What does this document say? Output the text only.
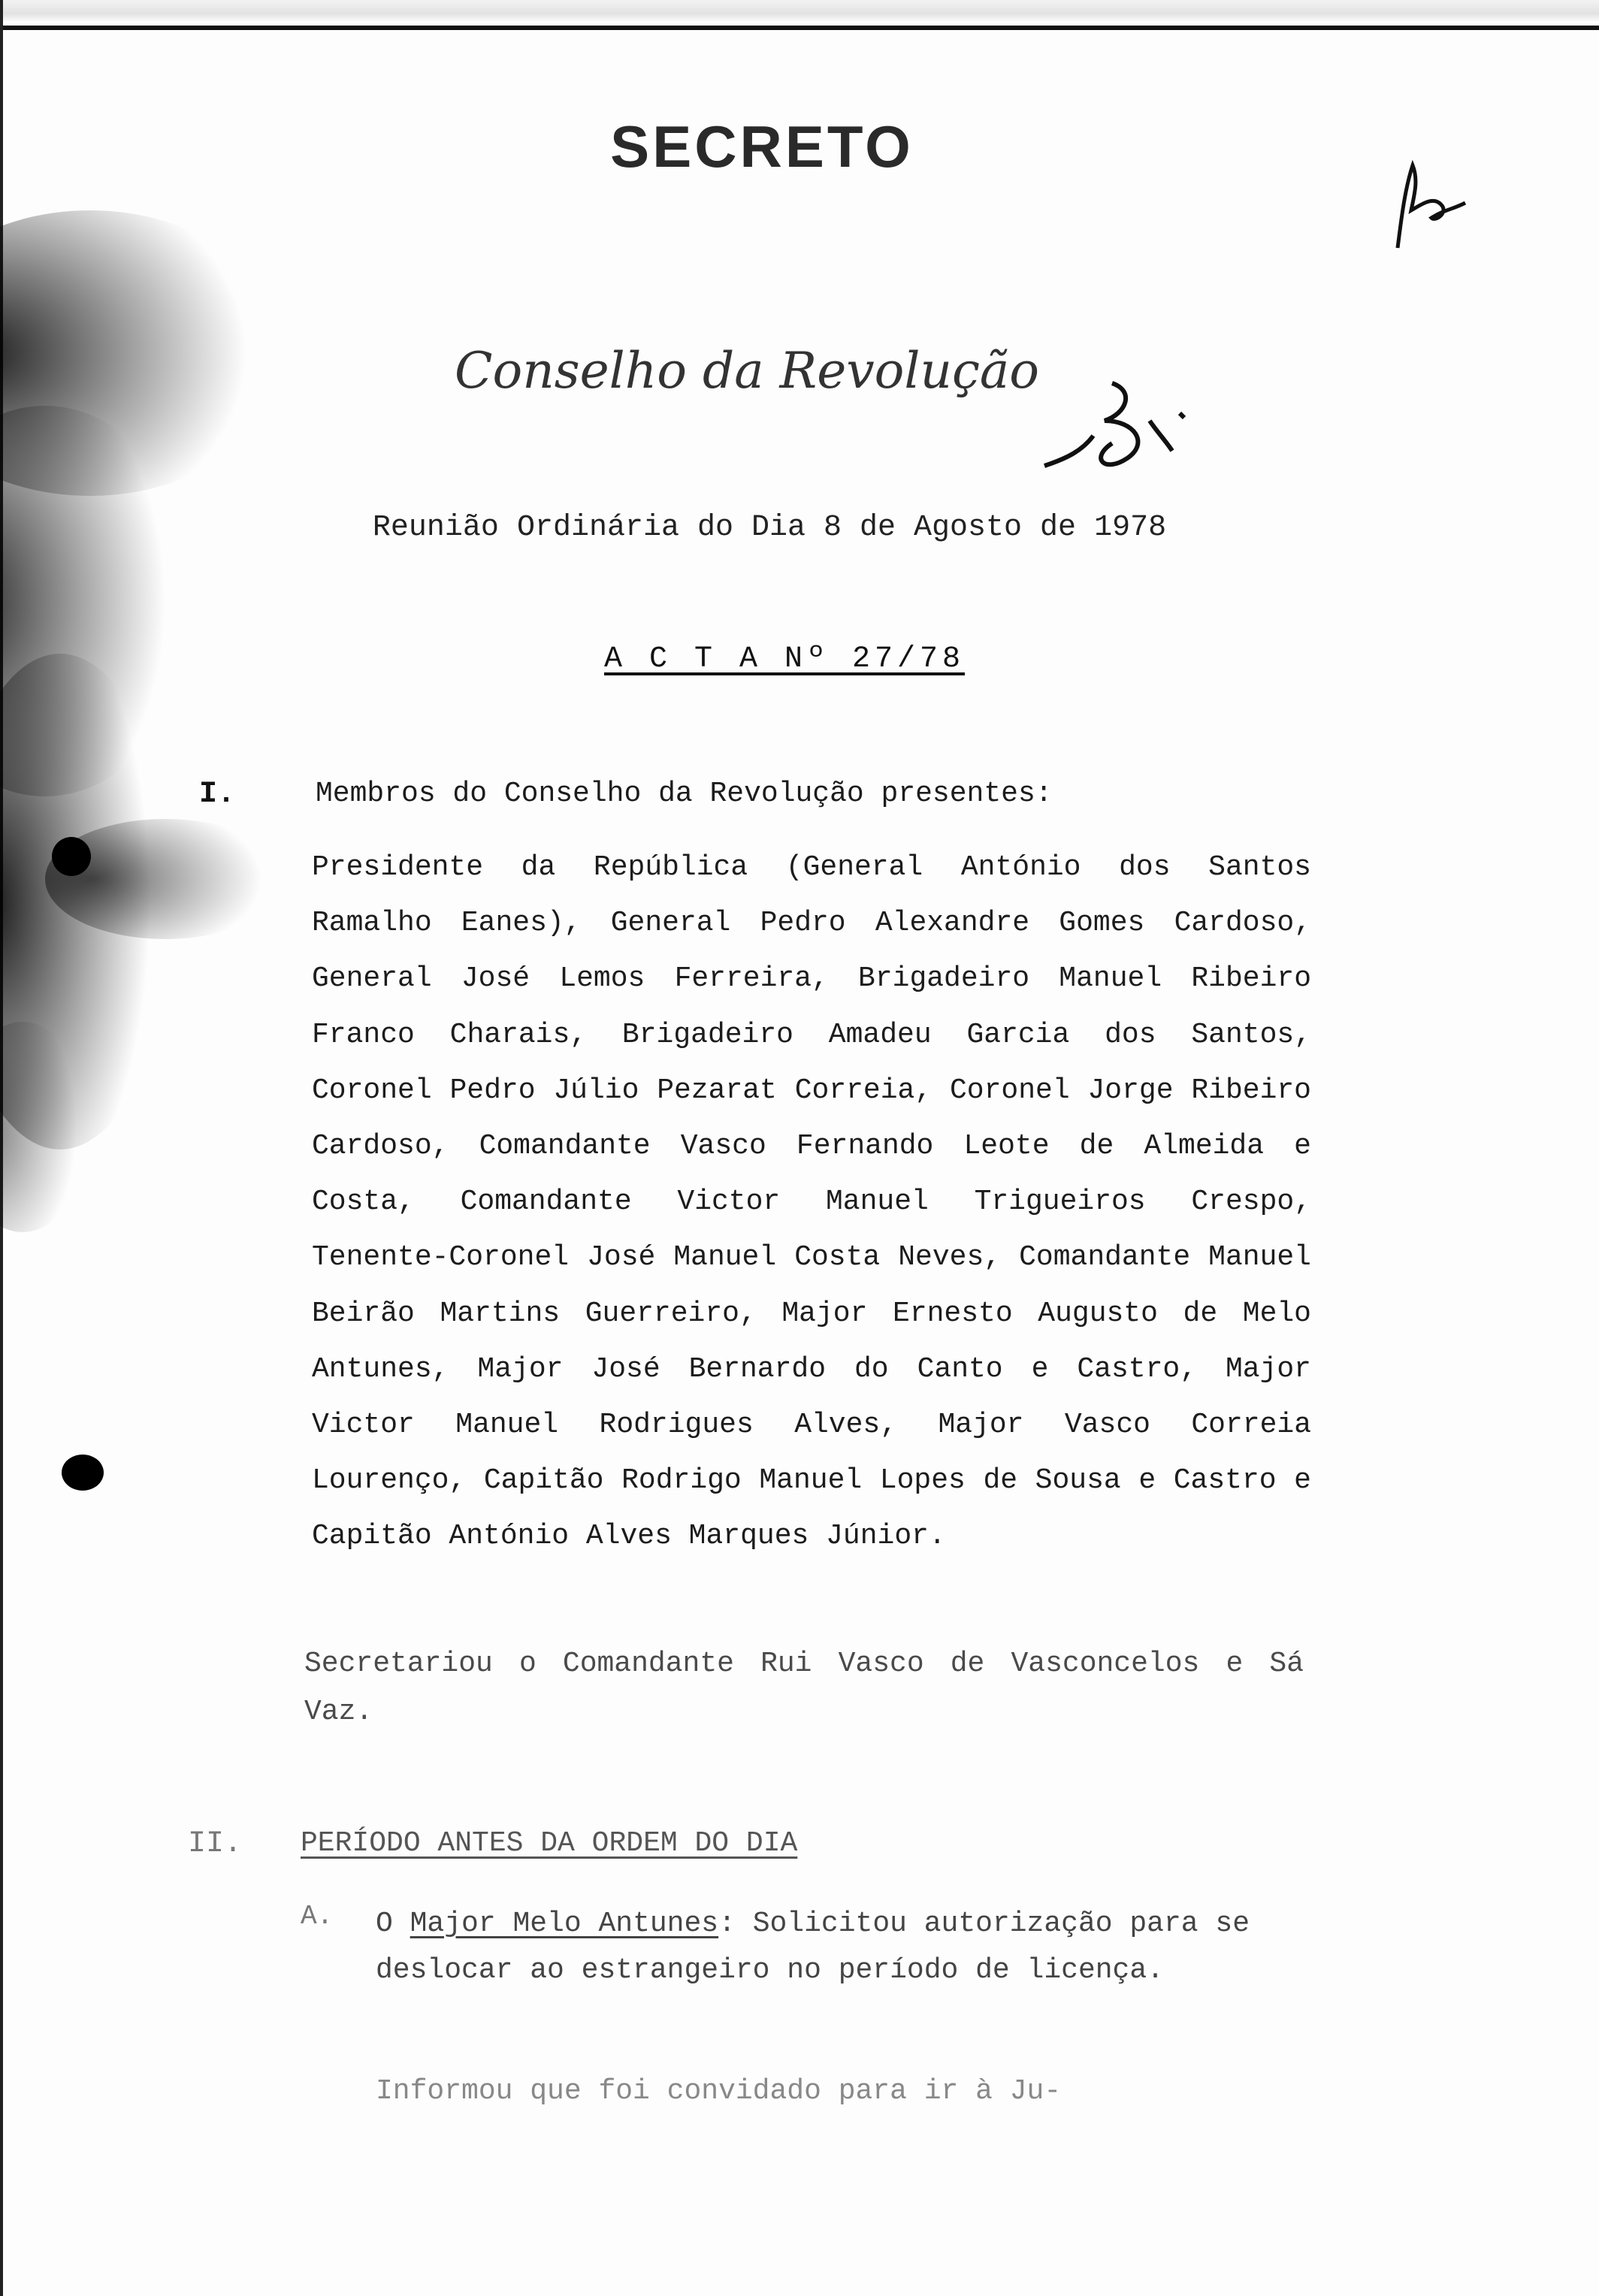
SECRETO
Conselho da Revolução
Reunião Ordinária do Dia 8 de Agosto de 1978
A C T A Nº 27/78
I.	Membros do Conselho da Revolução presentes:
Presidente da República (General António dos Santos Ramalho Eanes), General Pedro Alexandre Gomes Cardoso, General José Lemos Ferreira, Brigadeiro Manuel Ribeiro Franco Charais, Brigadeiro Amadeu Garcia dos Santos, Coronel Pedro Júlio Pezarat Correia, Coronel Jorge Ribeiro Cardoso, Comandante Vasco Fernando Leote de Almeida e Costa, Comandante Victor Manuel Trigueiros Crespo, Tenente-Coronel José Manuel Costa Neves, Comandante Manuel Beirão Martins Guerreiro, Major Ernesto Augusto de Melo Antunes, Major José Bernardo do Canto e Castro, Major Victor Manuel Rodrigues Alves, Major Vasco Correia Lourenço, Capitão Rodrigo Manuel Lopes de Sousa e Castro e Capitão António Alves Marques Júnior.
Secretariou o Comandante Rui Vasco de Vasconcelos e Sá Vaz.
II. PERÍODO ANTES DA ORDEM DO DIA
A. O Major Melo Antunes: Solicitou autorização para se deslocar ao estrangeiro no período de licença.
Informou que foi convidado para ir à Ju-
